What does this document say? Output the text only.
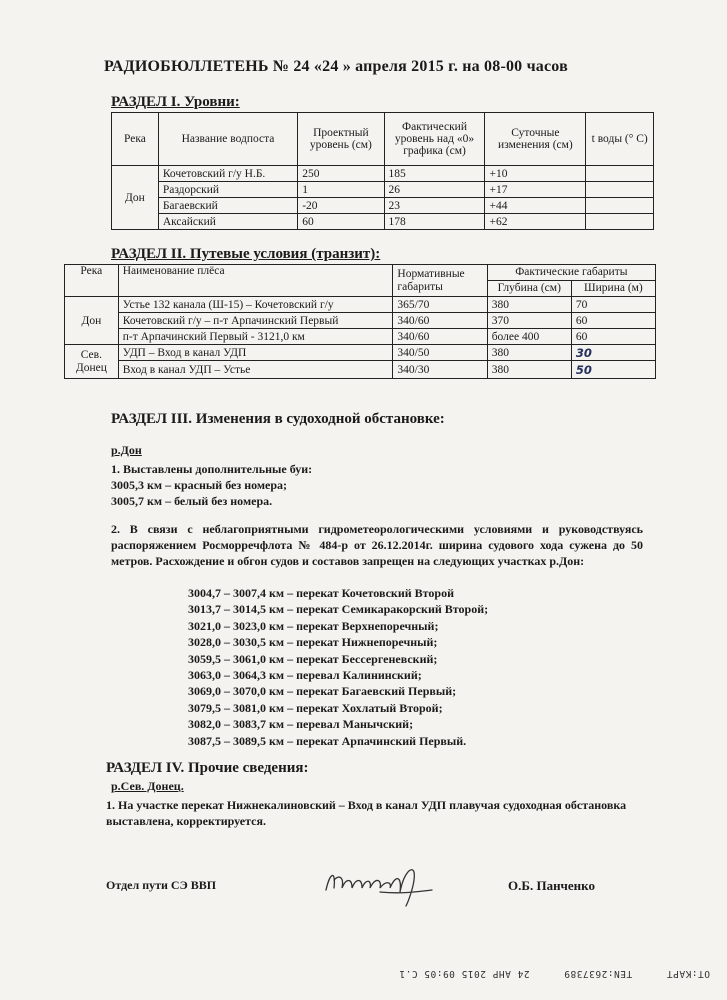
РАДИОБЮЛЛЕТЕНЬ № 24 «24 » апреля 2015 г. на 08-00 часов
РАЗДЕЛ I. Уровни:
Река	Название водпоста	Проектный уровень (см)	Фактический уровень над «0» графика (см)	Суточные изменения (см)	t воды (° С)
Дон	Кочетовский г/у Н.Б.	250	185	+10	
	Раздорский	1	26	+17	
	Багаевский	-20	23	+44	
	Аксайский	60	178	+62	
РАЗДЕЛ II. Путевые условия (транзит):
Река	Наименование плёса	Нормативные габариты	Фактические габариты	
			Глубина (см)	Ширина (м)
Дон	Устье 132 канала (Ш-15) – Кочетовский г/у	365/70	380	70
	Кочетовский г/у – п-т Арпачинский Первый	340/60	370	60
	п-т Арпачинский Первый - 3121,0 км	340/60	более 400	60
Сев. Донец	УДП – Вход в канал УДП	340/50	380	30
	Вход в канал УДП – Устье	340/30	380	50
РАЗДЕЛ III. Изменения в судоходной обстановке:
р.Дон
1. Выставлены дополнительные буи:
3005,3 км – красный без номера;
3005,7 км – белый без номера.
2. В связи с неблагоприятными гидрометеорологическими условиями и руководствуясь распоряжением Росморречфлота № 484-р от 26.12.2014г. ширина судового хода сужена до 50 метров. Расхождение и обгон судов и составов запрещен на следующих участках р.Дон:
3004,7 – 3007,4 км – перекат Кочетовский Второй
3013,7 – 3014,5 км – перекат Семикаракорский Второй;
3021,0 – 3023,0 км – перекат Верхнепоречный;
3028,0 – 3030,5 км – перекат Нижнепоречный;
3059,5 – 3061,0 км – перекат Бессергеневский;
3063,0 – 3064,3 км – перевал Калининский;
3069,0 – 3070,0 км – перекат Багаевский Первый;
3079,5 – 3081,0 км – перекат Хохлатый Второй;
3082,0 – 3083,7 км – перевал Манычский;
3087,5 – 3089,5 км – перекат Арпачинский Первый.
РАЗДЕЛ IV. Прочие сведения:
р.Сев. Донец.
1. На участке перекат Нижнекалиновский – Вход в канал УДП плавучая судоходная обстановка выставлена, корректируется.
Отдел пути СЭ ВВП	О.Б. Панченко
OT:KAPT TEN:2637389 24 AHP 2015 09:05 C.1
